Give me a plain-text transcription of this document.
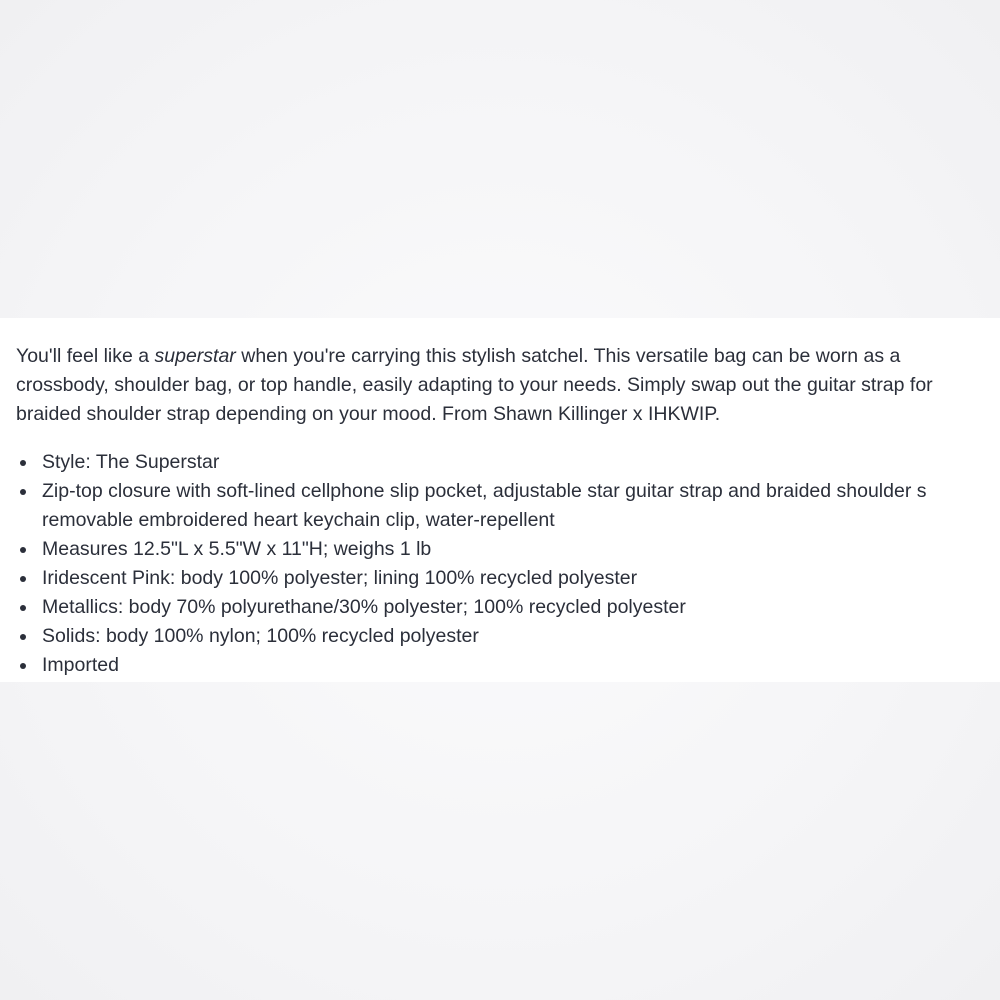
You'll feel like a superstar when you're carrying this stylish satchel. This versatile bag can be worn as a
crossbody, shoulder bag, or top handle, easily adapting to your needs. Simply swap out the guitar strap for
braided shoulder strap depending on your mood. From Shawn Killinger x IHKWIP.

Style: The Superstar
Zip-top closure with soft-lined cellphone slip pocket, adjustable star guitar strap and braided shoulder s
removable embroidered heart keychain clip, water-repellent
Measures 12.5"L x 5.5"W x 11"H; weighs 1 lb
Iridescent Pink: body 100% polyester; lining 100% recycled polyester
Metallics: body 70% polyurethane/30% polyester; 100% recycled polyester
Solids: body 100% nylon; 100% recycled polyester
Imported
